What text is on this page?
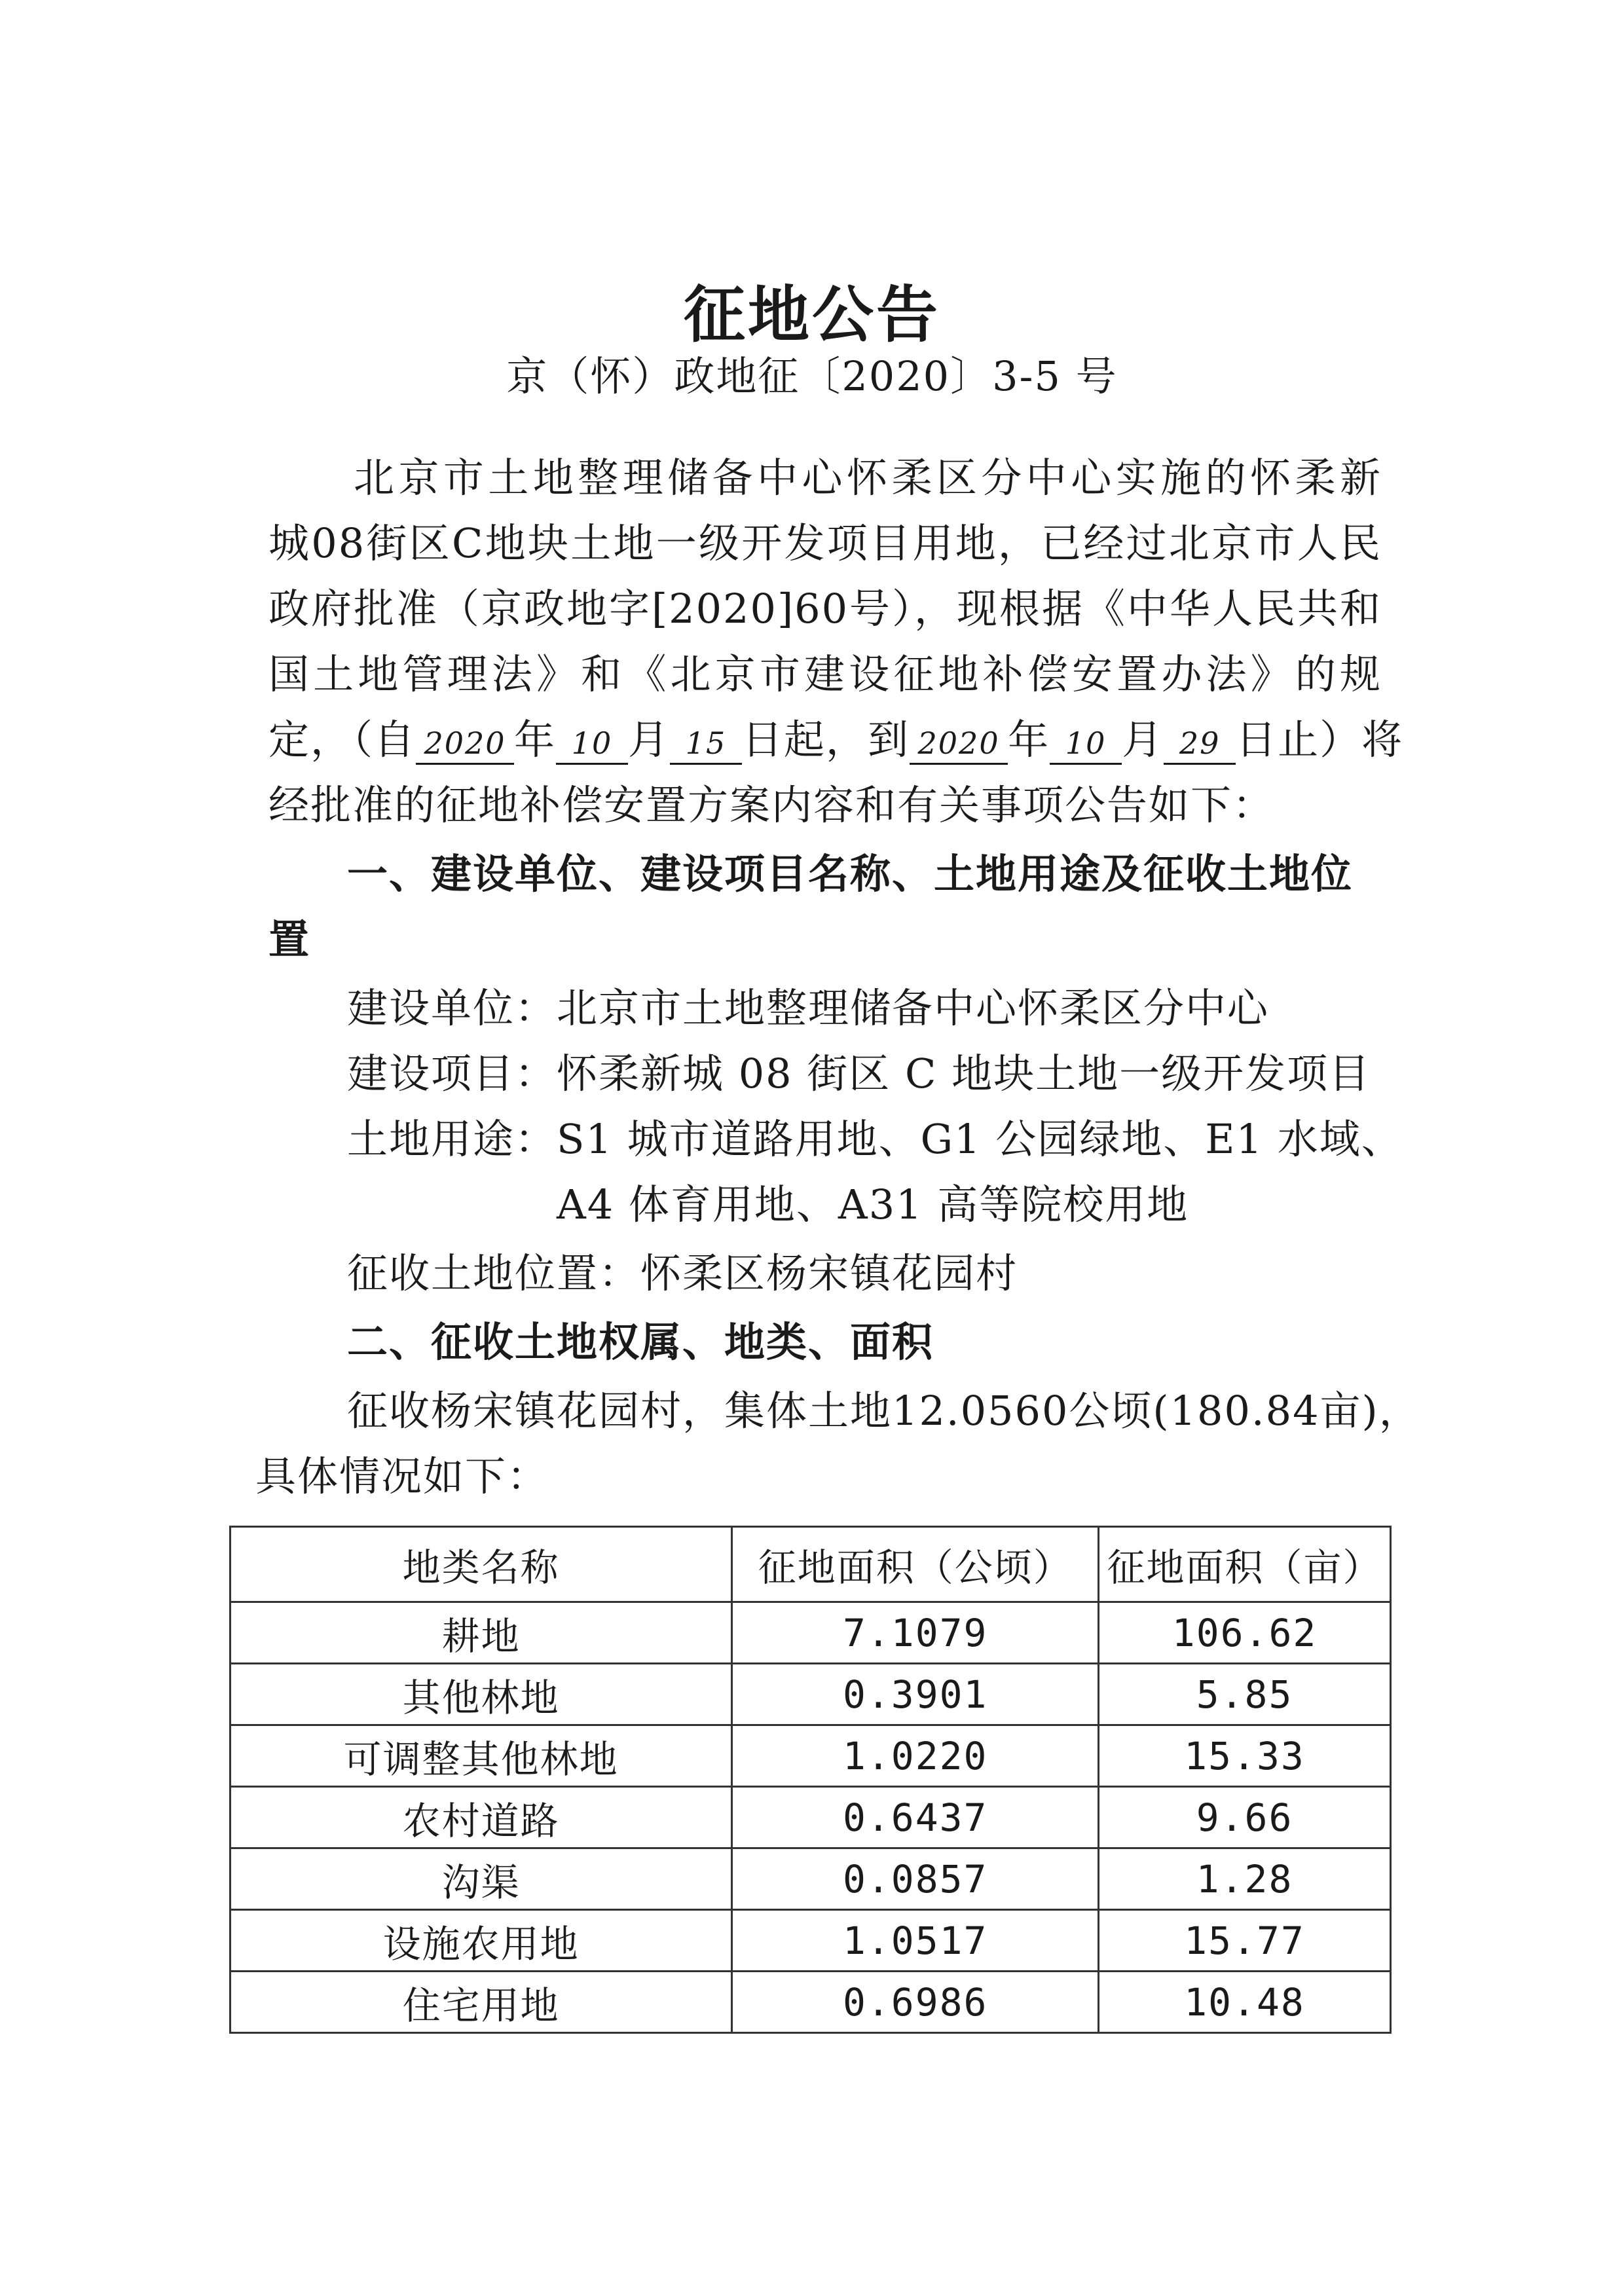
征地公告
京（怀）政地征〔2020〕3-5 号
北京市土地整理储备中心怀柔区分中心实施的怀柔新
城08街区C地块土地一级开发项目用地，已经过北京市人民
政府批准（京政地字[2020]60号），现根据《中华人民共和
国土地管理法》和《北京市建设征地补偿安置办法》的规
定，（自 2020 年 10 月 15 日起，到 2020 年 10 月 29 日止）将
经批准的征地补偿安置方案内容和有关事项公告如下：
一、建设单位、建设项目名称、土地用途及征收土地位
置
建设单位：北京市土地整理储备中心怀柔区分中心
建设项目：怀柔新城 08 街区 C 地块土地一级开发项目
土地用途：S1 城市道路用地、G1 公园绿地、E1 水域、
A4 体育用地、A31 高等院校用地
征收土地位置：怀柔区杨宋镇花园村
二、征收土地权属、地类、面积
征收杨宋镇花园村，集体土地12.0560公顷(180.84亩)，
具体情况如下：
地类名称	征地面积（公顷）	征地面积（亩）
耕地	7.1079	106.62
其他林地	0.3901	5.85
可调整其他林地	1.0220	15.33
农村道路	0.6437	9.66
沟渠	0.0857	1.28
设施农用地	1.0517	15.77
住宅用地	0.6986	10.48
